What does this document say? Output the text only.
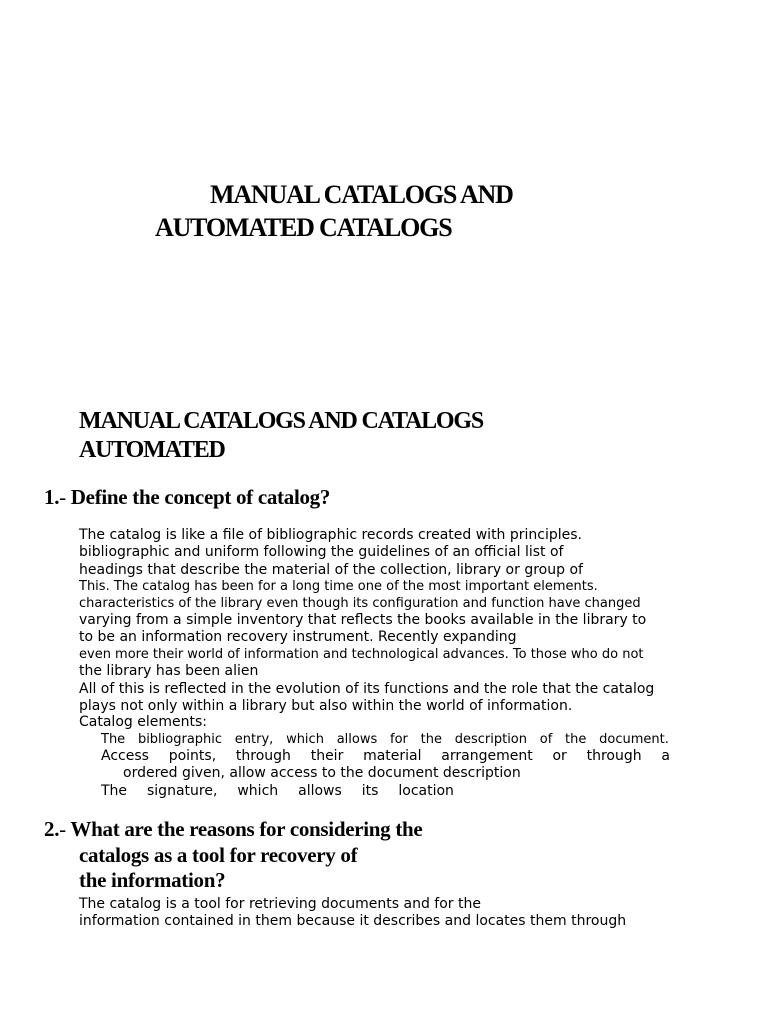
MANUAL CATALOGS AND
AUTOMATED CATALOGS
MANUAL CATALOGS AND CATALOGS
AUTOMATED
1.- Define the concept of catalog?
The catalog is like a file of bibliographic records created with principles.
bibliographic and uniform following the guidelines of an official list of
headings that describe the material of the collection, library or group of
This. The catalog has been for a long time one of the most important elements.
characteristics of the library even though its configuration and function have changed
varying from a simple inventory that reflects the books available in the library to
to be an information recovery instrument. Recently expanding
even more their world of information and technological advances. To those who do not
the library has been alien
All of this is reflected in the evolution of its functions and the role that the catalog
plays not only within a library but also within the world of information.
Catalog elements:
The bibliographic entry, which allows for the description of the document.
Access points, through their material arrangement or through a
ordered given, allow access to the document description
The signature, which allows its location
2.- What are the reasons for considering the
catalogs as a tool for recovery of
the information?
The catalog is a tool for retrieving documents and for the
information contained in them because it describes and locates them through
